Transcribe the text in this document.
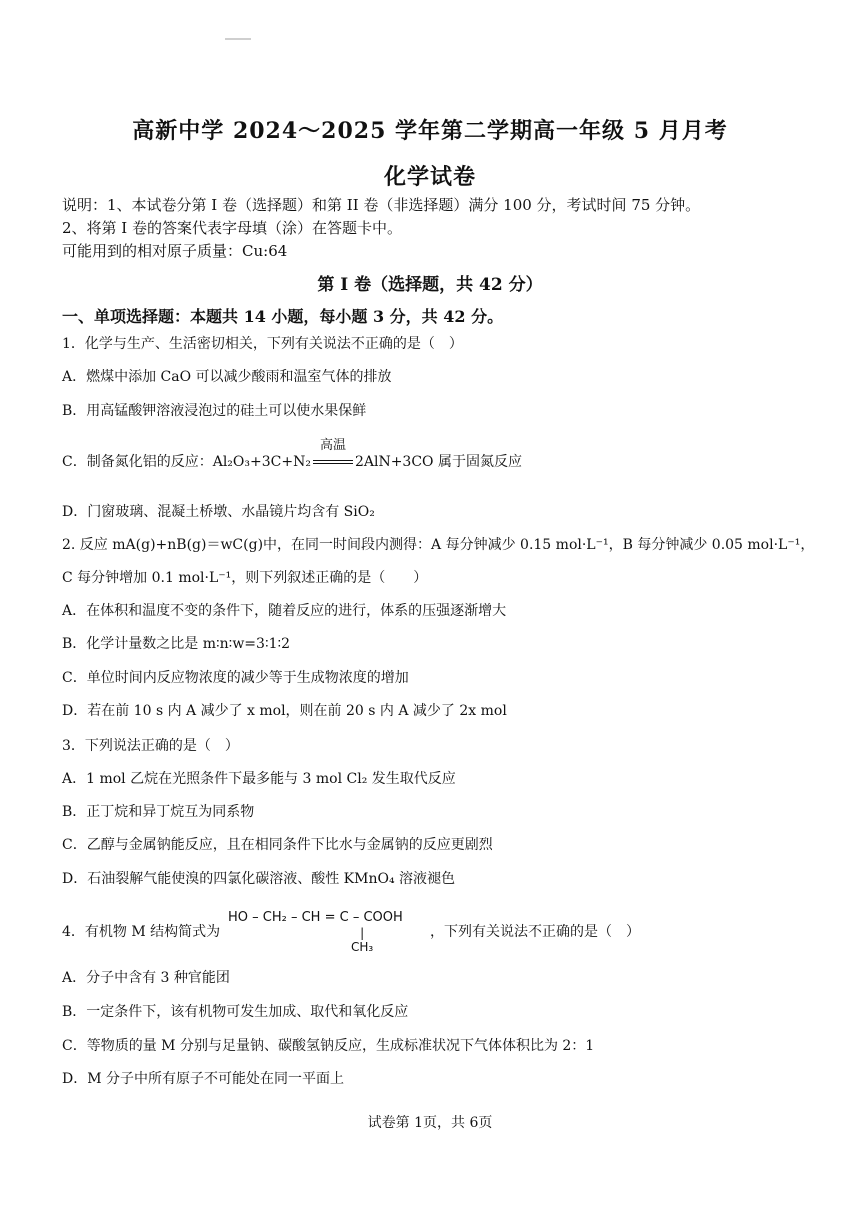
高新中学 2024～2025 学年第二学期高一年级 5 月月考
化学试卷
说明：1、本试卷分第 I 卷（选择题）和第 II 卷（非选择题）满分 100 分，考试时间 75 分钟。
2、将第 I 卷的答案代表字母填（涂）在答题卡中。
可能用到的相对原子质量：Cu:64
第 I 卷（选择题，共 42 分）
一、单项选择题：本题共 14 小题，每小题 3 分，共 42 分。
1．化学与生产、生活密切相关，下列有关说法不正确的是（　）
A．燃煤中添加 CaO 可以减少酸雨和温室气体的排放
B．用高锰酸钾溶液浸泡过的硅土可以使水果保鲜
C．制备氮化铝的反应：Al₂O₃+3C+N₂
高温
2AlN+3CO 属于固氮反应
D．门窗玻璃、混凝土桥墩、水晶镜片均含有 SiO₂
2. 反应 mA(g)+nB(g)＝wC(g)中，在同一时间段内测得：A 每分钟减少 0.15 mol·L⁻¹，B 每分钟减少 0.05 mol·L⁻¹，
C 每分钟增加 0.1 mol·L⁻¹，则下列叙述正确的是（　　）
A．在体积和温度不变的条件下，随着反应的进行，体系的压强逐渐增大
B．化学计量数之比是 m∶n∶w=3∶1∶2
C．单位时间内反应物浓度的减少等于生成物浓度的增加
D．若在前 10 s 内 A 减少了 x mol，则在前 20 s 内 A 减少了 2x mol
3．下列说法正确的是（　）
A．1 mol 乙烷在光照条件下最多能与 3 mol Cl₂ 发生取代反应
B．正丁烷和异丁烷互为同系物
C．乙醇与金属钠能反应，且在相同条件下比水与金属钠的反应更剧烈
D．石油裂解气能使溴的四氯化碳溶液、酸性 KMnO₄ 溶液褪色
4．有机物 M 结构简式为
HO – CH₂ – CH = C – COOH
|
CH₃
，下列有关说法不正确的是（　）
A．分子中含有 3 种官能团
B．一定条件下，该有机物可发生加成、取代和氧化反应
C．等物质的量 M 分别与足量钠、碳酸氢钠反应，生成标准状况下气体体积比为 2：1
D．M 分子中所有原子不可能处在同一平面上
试卷第 1页，共 6页
